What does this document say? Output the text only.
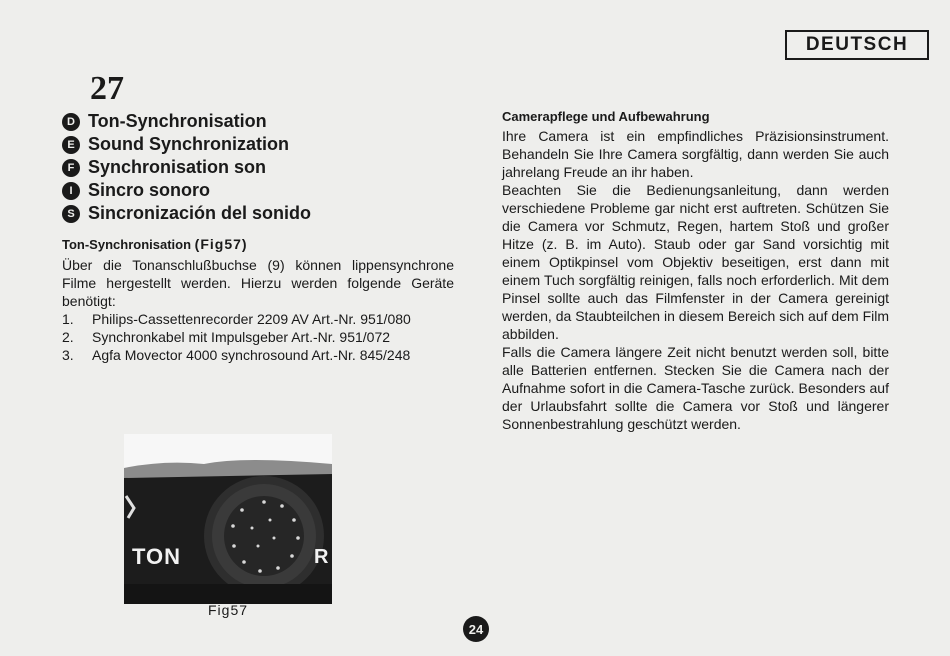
DEUTSCH
27
D Ton-Synchronisation
E Sound Synchronization
F Synchronisation son
I Sincro sonoro
S Sincronización del sonido
Ton-Synchronisation (Fig57)
Über die Tonanschlußbuchse (9) können lippensynchrone Filme hergestellt werden. Hierzu werden folgende Geräte benötigt:
1.	Philips-Cassettenrecorder 2209 AV Art.-Nr. 951/080
2.	Synchronkabel mit Impulsgeber Art.-Nr. 951/072
3.	Agfa Movector 4000 synchrosound Art.-Nr. 845/248
TON	R
Fig57
Camerapflege und Aufbewahrung

Ihre Camera ist ein empfindliches Präzisionsinstrument. Behandeln Sie Ihre Camera sorgfältig, dann werden Sie auch jahrelang Freude an ihr haben.

Beachten Sie die Bedienungsanleitung, dann werden verschiedene Probleme gar nicht erst auftreten. Schützen Sie die Camera vor Schmutz, Regen, hartem Stoß und großer Hitze (z. B. im Auto). Staub oder gar Sand vorsichtig mit einem Optikpinsel vom Objektiv beseitigen, erst dann mit einem Tuch sorgfältig reinigen, falls noch erforderlich. Mit dem Pinsel sollte auch das Filmfenster in der Camera gereinigt werden, da Staubteilchen in diesem Bereich sich auf dem Film abbilden.

Falls die Camera längere Zeit nicht benutzt werden soll, bitte alle Batterien entfernen. Stecken Sie die Camera nach der Aufnahme sofort in die Camera-Tasche zurück. Besonders auf der Urlaubsfahrt sollte die Camera vor Stoß und längerer Sonnenbestrahlung geschützt werden.

24
